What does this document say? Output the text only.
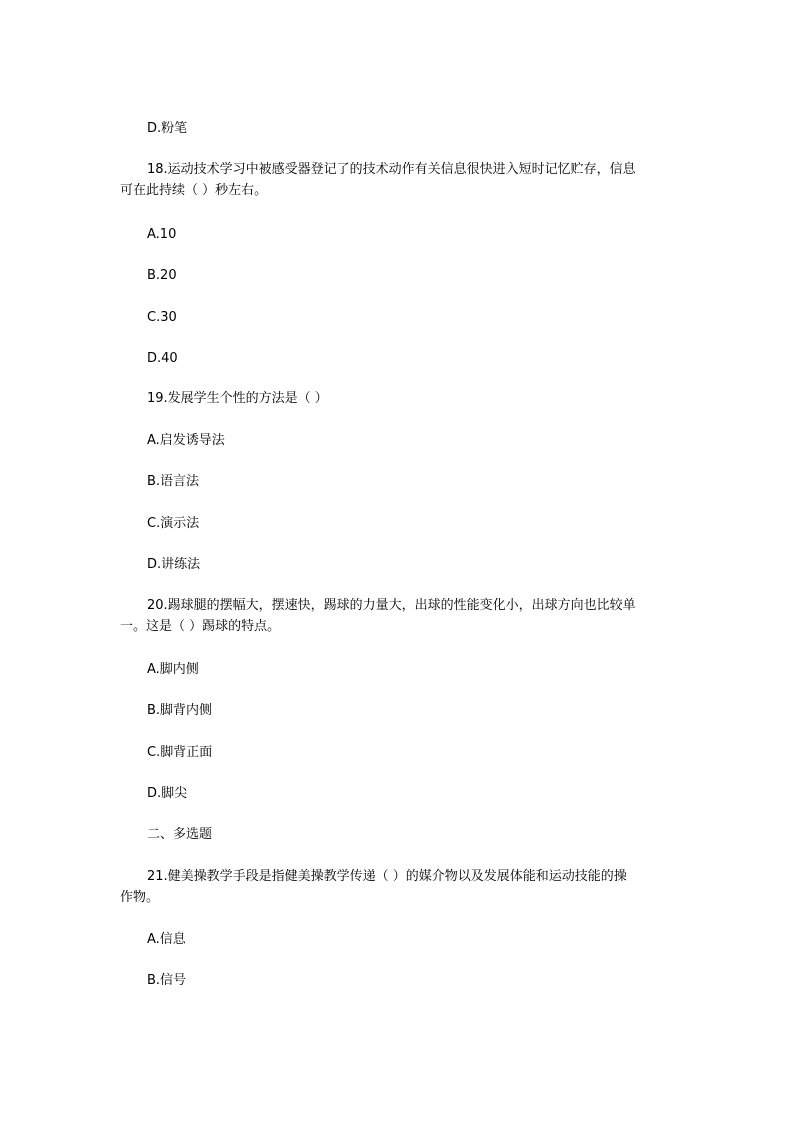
D.粉笔
18.运动技术学习中被感受器登记了的技术动作有关信息很快进入短时记忆贮存，信息
可在此持续（ ）秒左右。
A.10
B.20
C.30
D.40
19.发展学生个性的方法是（ ）
A.启发诱导法
B.语言法
C.演示法
D.讲练法
20.踢球腿的摆幅大，摆速快，踢球的力量大，出球的性能变化小，出球方向也比较单
一。这是（ ）踢球的特点。
A.脚内侧
B.脚背内侧
C.脚背正面
D.脚尖
二、多选题
21.健美操教学手段是指健美操教学传递（ ）的媒介物以及发展体能和运动技能的操
作物。
A.信息
B.信号
